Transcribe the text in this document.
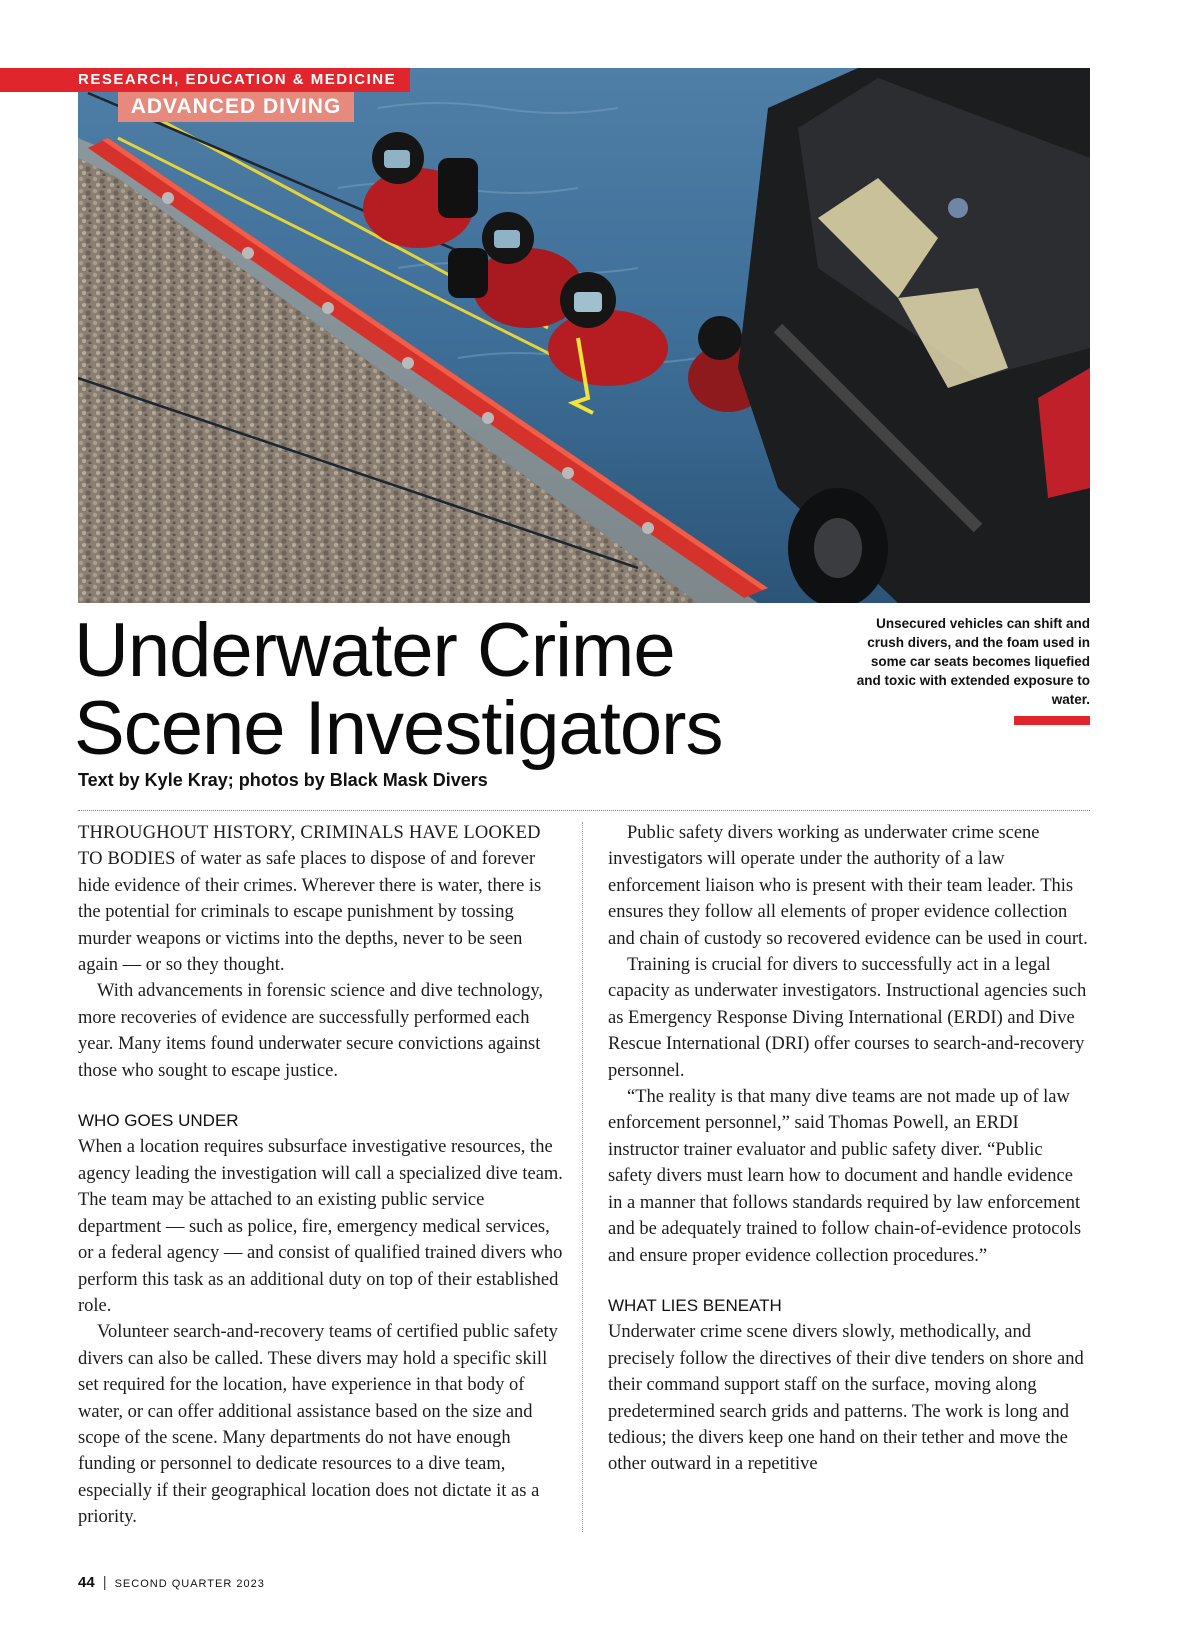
RESEARCH, EDUCATION & MEDICINE
ADVANCED DIVING
Underwater Crime
Scene Investigators
Unsecured vehicles can shift and crush divers, and the foam used in some car seats becomes liquefied and toxic with extended exposure to water.

Text by Kyle Kray; photos by Black Mask Divers

THROUGHOUT HISTORY, CRIMINALS HAVE LOOKED TO BODIES of water as safe places to dispose of and forever hide evidence of their crimes. Wherever there is water, there is the potential for criminals to escape punishment by tossing murder weapons or victims into the depths, never to be seen again — or so they thought.

With advancements in forensic science and dive technology, more recoveries of evidence are successfully performed each year. Many items found underwater secure convictions against those who sought to escape justice.

WHO GOES UNDER

When a location requires subsurface investigative resources, the agency leading the investigation will call a specialized dive team. The team may be attached to an existing public service department — such as police, fire, emergency medical services, or a federal agency — and consist of qualified trained divers who perform this task as an additional duty on top of their established role.

Volunteer search-and-recovery teams of certified public safety divers can also be called. These divers may hold a specific skill set required for the location, have experience in that body of water, or can offer additional assistance based on the size and scope of the scene. Many departments do not have enough funding or personnel to dedicate resources to a dive team, especially if their geographical location does not dictate it as a priority.

Public safety divers working as underwater crime scene investigators will operate under the authority of a law enforcement liaison who is present with their team leader. This ensures they follow all elements of proper evidence collection and chain of custody so recovered evidence can be used in court.

Training is crucial for divers to successfully act in a legal capacity as underwater investigators. Instructional agencies such as Emergency Response Diving International (ERDI) and Dive Rescue International (DRI) offer courses to search-and-recovery personnel.

“The reality is that many dive teams are not made up of law enforcement personnel,” said Thomas Powell, an ERDI instructor trainer evaluator and public safety diver. “Public safety divers must learn how to document and handle evidence in a manner that follows standards required by law enforcement and be adequately trained to follow chain-of-evidence protocols and ensure proper evidence collection procedures.”

WHAT LIES BENEATH

Underwater crime scene divers slowly, methodically, and precisely follow the directives of their dive tenders on shore and their command support staff on the surface, moving along predetermined search grids and patterns. The work is long and tedious; the divers keep one hand on their tether and move the other outward in a repetitive

44 | SECOND QUARTER 2023
